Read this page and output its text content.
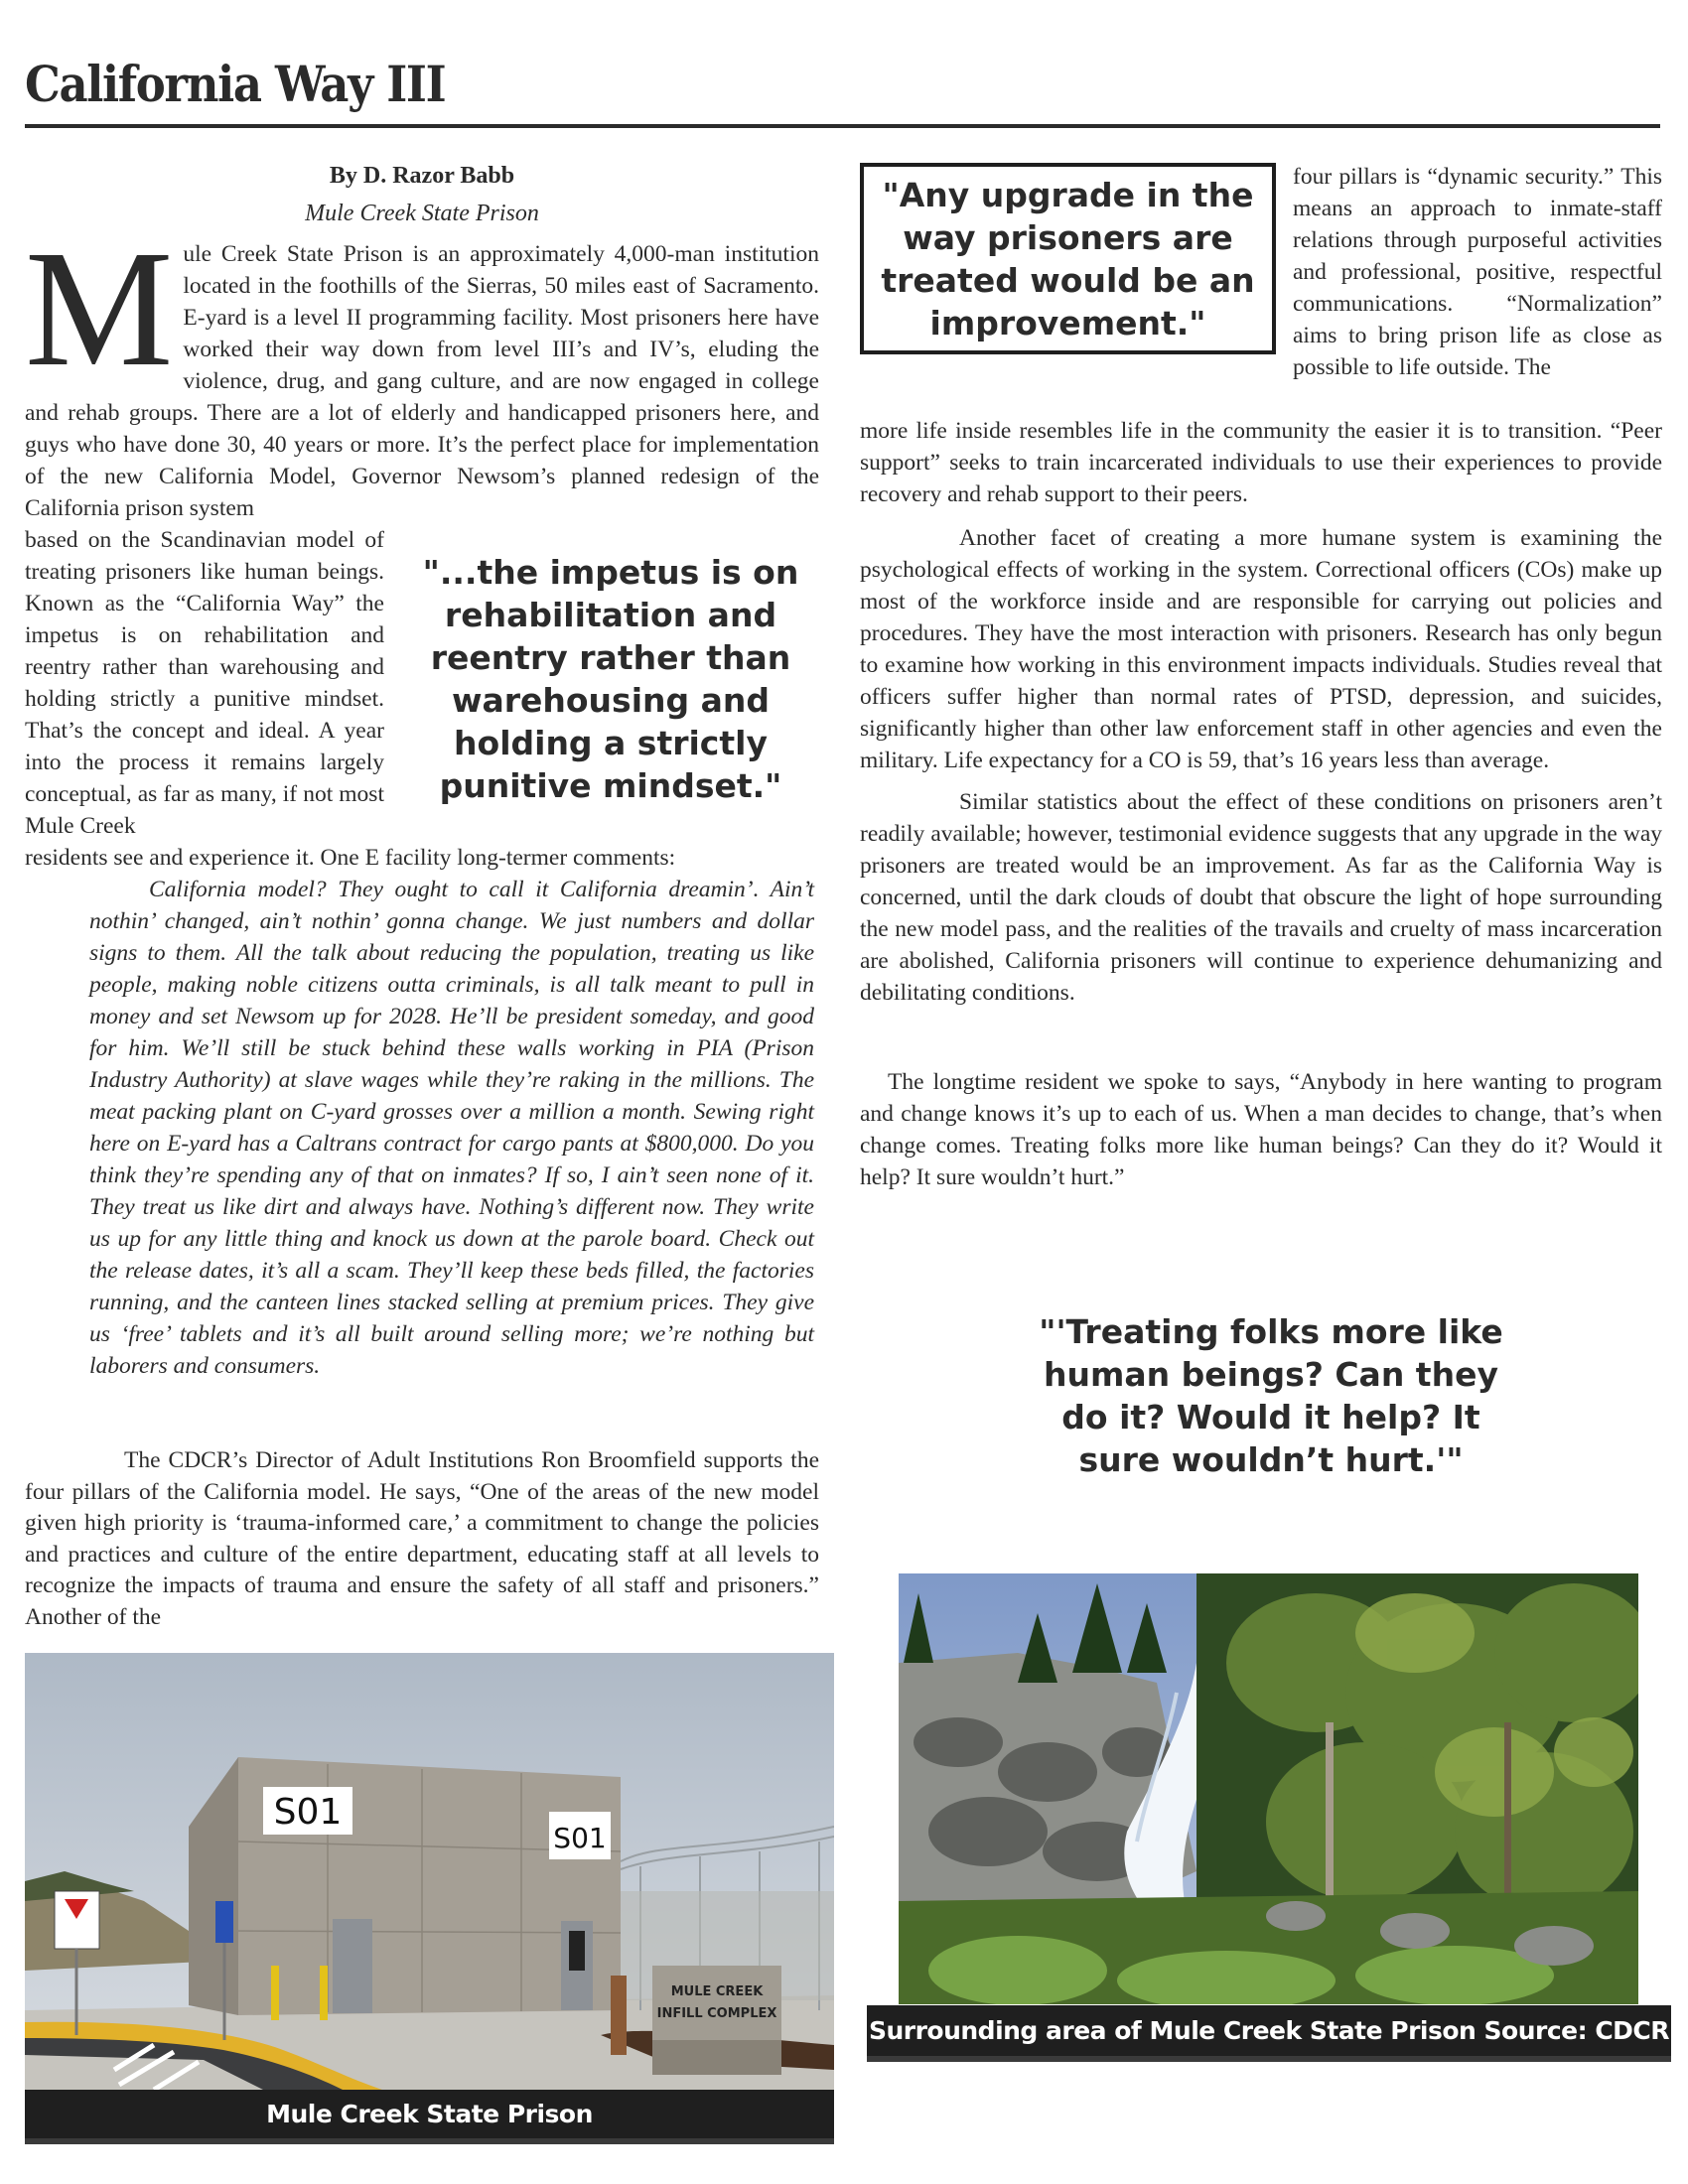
California Way III
By D. Razor Babb
Mule Creek State Prison
M ule Creek State Prison is an approximately 4,000-man institution located in the foothills of the Sierras, 50 miles east of Sacramento. E-yard is a level II programming facility. Most prisoners here have worked their way down from level III’s and IV’s, eluding the violence, drug, and gang culture, and are now engaged in college and rehab groups. There are a lot of elderly and handicapped prisoners here, and guys who have done 30, 40 years or more. It’s the perfect place for implementation of the new California Model, Governor Newsom’s planned redesign of the California prison system
based on the Scandinavian model of treating prisoners like human beings. Known as the “California Way” the impetus is on rehabilitation and reentry rather than warehousing and holding strictly a punitive mindset. That’s the concept and ideal. A year into the process it remains largely conceptual, as far as many, if not most Mule Creek
"...the impetus is on rehabilitation and reentry rather than warehousing and holding a strictly punitive mindset."
residents see and experience it. One E facility long-termer comments:

California model? They ought to call it California dreamin’. Ain’t nothin’ changed, ain’t nothin’ gonna change. We just numbers and dollar signs to them. All the talk about reducing the population, treating us like people, making noble citizens outta criminals, is all talk meant to pull in money and set Newsom up for 2028. He’ll be president someday, and good for him. We’ll still be stuck behind these walls working in PIA (Prison Industry Authority) at slave wages while they’re raking in the millions. The meat packing plant on C-yard grosses over a million a month. Sewing right here on E-yard has a Caltrans contract for cargo pants at $800,000. Do you think they’re spending any of that on inmates? If so, I ain’t seen none of it. They treat us like dirt and always have. Nothing’s different now. They write us up for any little thing and knock us down at the parole board. Check out the release dates, it’s all a scam. They’ll keep these beds filled, the factories running, and the canteen lines stacked selling at premium prices. They give us ‘free’ tablets and it’s all built around selling more; we’re nothing but laborers and consumers.

The CDCR’s Director of Adult Institutions Ron Broomfield supports the four pillars of the California model. He says, “One of the areas of the new model given high priority is ‘trauma-informed care,’ a commitment to change the policies and practices and culture of the entire department, educating staff at all levels to recognize the impacts of trauma and ensure the safety of all staff and prisoners.” Another of the

"Any upgrade in the way prisoners are treated would be an improvement."
four pillars is “dynamic security.” This means an approach to inmate-staff relations through purposeful activities and professional, positive, respectful communications. “Normalization” aims to bring prison life as close as possible to life outside. The

more life inside resembles life in the community the easier it is to transition. “Peer support” seeks to train incarcerated individuals to use their experiences to provide recovery and rehab support to their peers.

Another facet of creating a more humane system is examining the psychological effects of working in the system. Correctional officers (COs) make up most of the workforce inside and are responsible for carrying out policies and procedures. They have the most interaction with prisoners. Research has only begun to examine how working in this environment impacts individuals. Studies reveal that officers suffer higher than normal rates of PTSD, depression, and suicides, significantly higher than other law enforcement staff in other agencies and even the military. Life expectancy for a CO is 59, that’s 16 years less than average.

Similar statistics about the effect of these conditions on prisoners aren’t readily available; however, testimonial evidence suggests that any upgrade in the way prisoners are treated would be an improvement. As far as the California Way is concerned, until the dark clouds of doubt that obscure the light of hope surrounding the new model pass, and the realities of the travails and cruelty of mass incarceration are abolished, California prisoners will continue to experience dehumanizing and debilitating conditions.

The longtime resident we spoke to says, “Anybody in here wanting to program and change knows it’s up to each of us. When a man decides to change, that’s when change comes. Treating folks more like human beings? Can they do it? Would it help? It sure wouldn’t hurt.”

"'Treating folks more like human beings? Can they do it? Would it help? It sure wouldn’t hurt.'"
S01
S01
MULE CREEK
INFILL COMPLEX
Mule Creek State Prison
Surrounding area of Mule Creek State Prison Source: CDCR
